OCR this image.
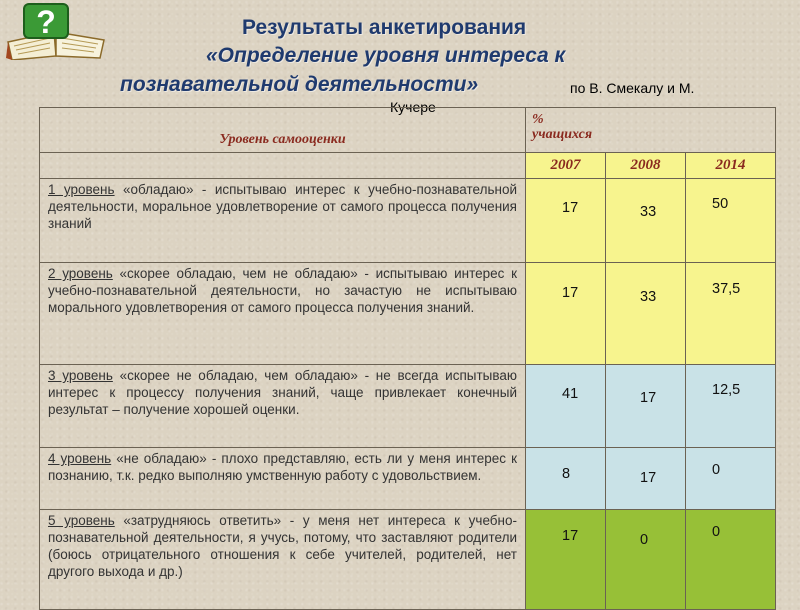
?	Результаты анкетирования
«Определение уровня интереса к
познавательной деятельности»	по В. Смекалу и М.
Кучере
Уровень самооценки	%
учащихся		

	2007	2008	2014
1 уровень «обладаю» - испытываю интерес к учебно-познавательной деятельности, моральное удовлетворение от самого процесса получения знаний	17	33	50

2 уровень «скорее обладаю, чем не обладаю» - испытываю интерес к учебно-познавательной деятельности, но зачастую не испытываю морального удовлетворения от самого процесса получения знаний.	17	33	37,5

3 уровень «скорее не обладаю, чем обладаю» - не всегда испытываю интерес к процессу получения знаний, чаще привлекает конечный результат – получение хорошей оценки.	41	17	12,5

4 уровень «не обладаю» - плохо представляю, есть ли у меня интерес к познанию, т.к. редко выполняю умственную работу с удовольствием.	8	17	0

5 уровень «затрудняюсь ответить» - у меня нет интереса к учебно-познавательной деятельности, я учусь, потому, что заставляют родители (боюсь отрицательного отношения к себе учителей, родителей, нет другого выхода и др.)	17	0	0
